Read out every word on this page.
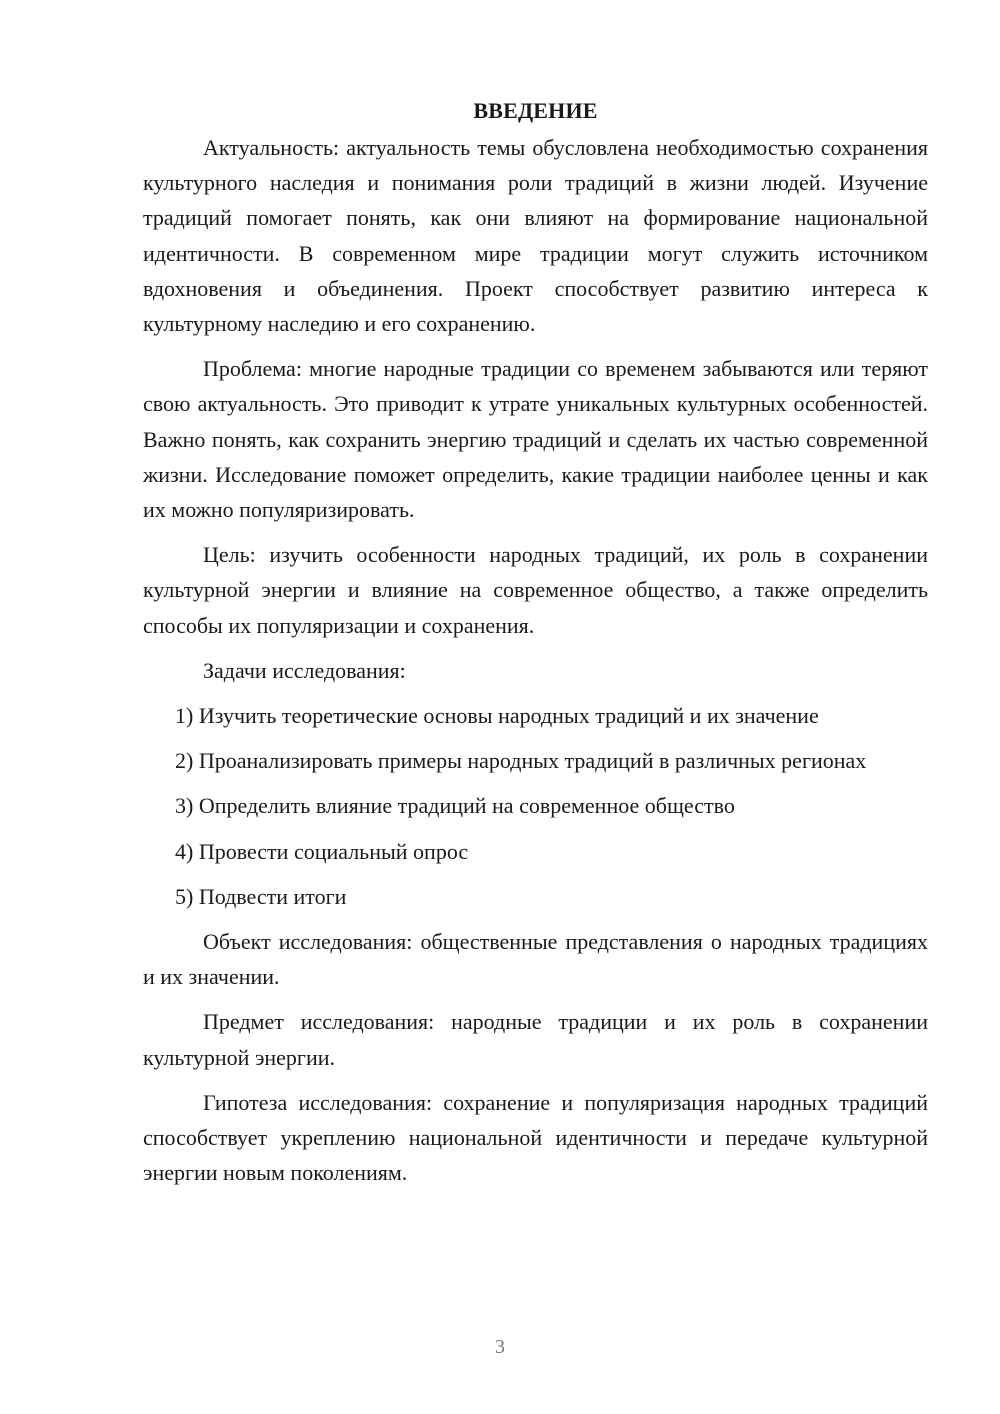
ВВЕДЕНИЕ

Актуальность: актуальность темы обусловлена необходимостью сохранения культурного наследия и понимания роли традиций в жизни людей. Изучение традиций помогает понять, как они влияют на формирование национальной идентичности. В современном мире традиции могут служить источником вдохновения и объединения. Проект способствует развитию интереса к культурному наследию и его сохранению.

Проблема: многие народные традиции со временем забываются или теряют свою актуальность. Это приводит к утрате уникальных культурных особенностей. Важно понять, как сохранить энергию традиций и сделать их частью современной жизни. Исследование поможет определить, какие традиции наиболее ценны и как их можно популяризировать.

Цель: изучить особенности народных традиций, их роль в сохранении культурной энергии и влияние на современное общество, а также определить способы их популяризации и сохранения.

Задачи исследования:

1) Изучить теоретические основы народных традиций и их значение

2) Проанализировать примеры народных традиций в различных регионах

3) Определить влияние традиций на современное общество

4) Провести социальный опрос

5) Подвести итоги

Объект исследования: общественные представления о народных традициях и их значении.

Предмет исследования: народные традиции и их роль в сохранении культурной энергии.

Гипотеза исследования: сохранение и популяризация народных традиций способствует укреплению национальной идентичности и передаче культурной энергии новым поколениям.

3
